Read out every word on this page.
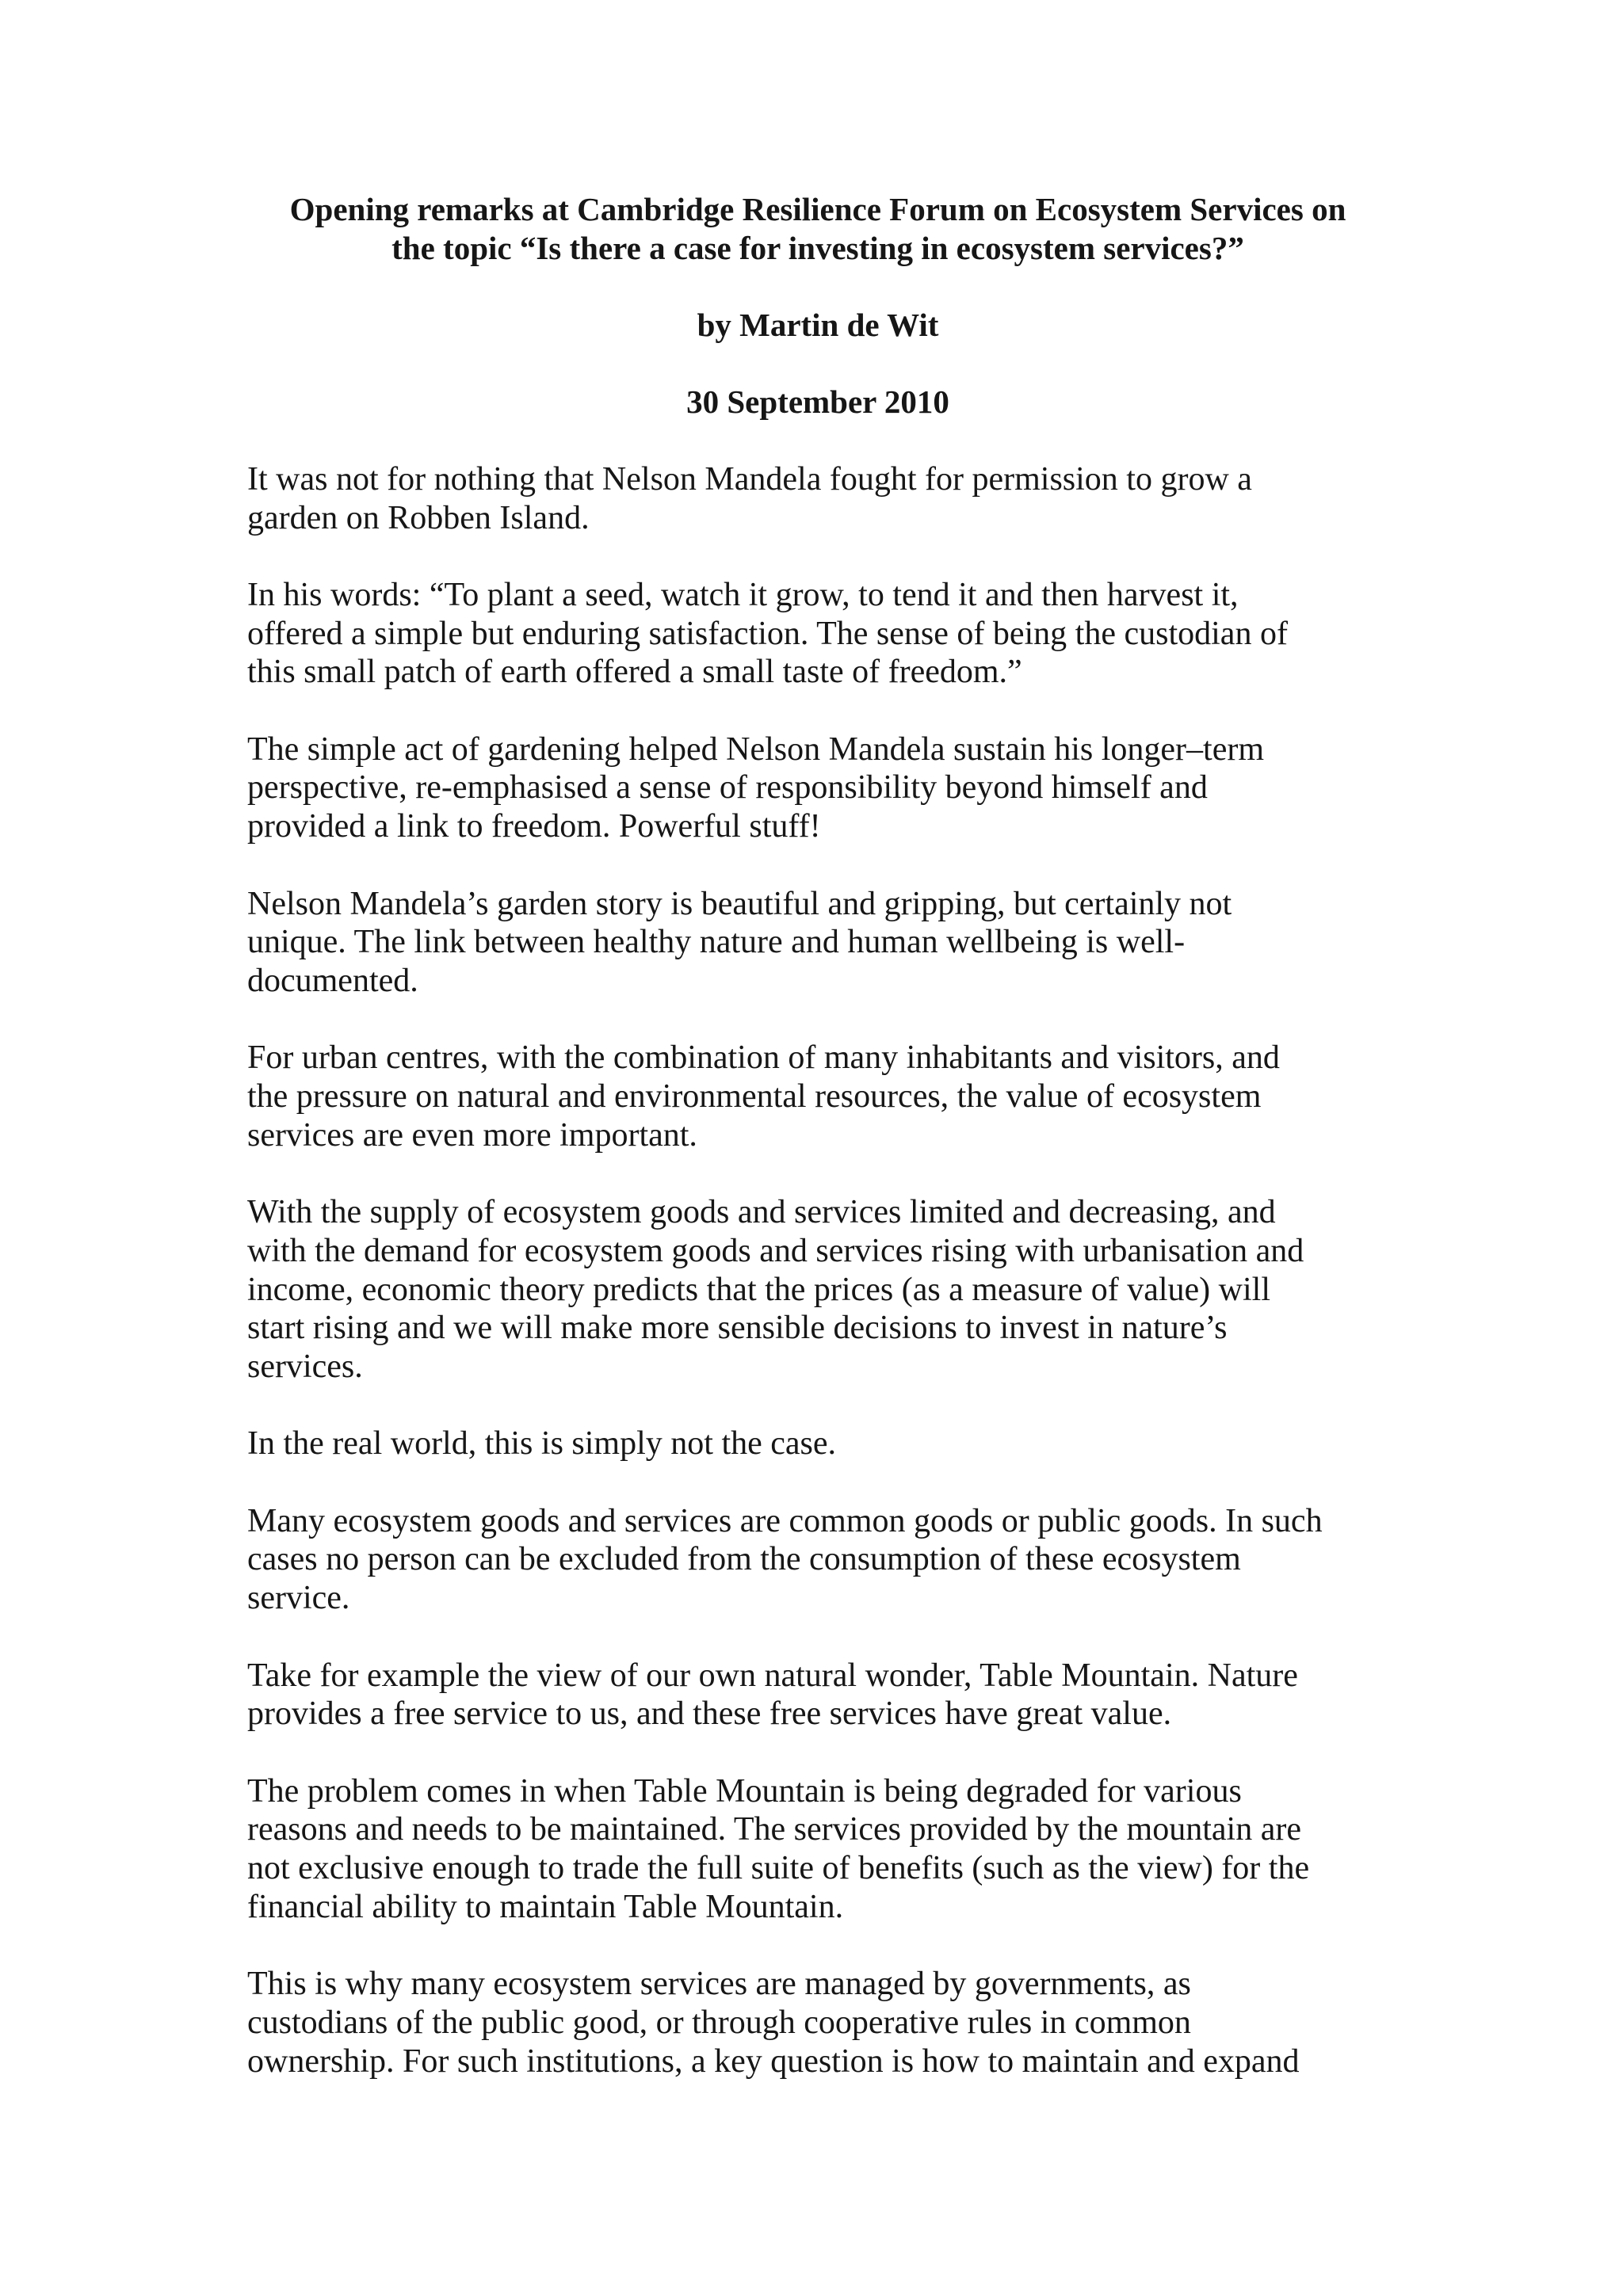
Opening remarks at Cambridge Resilience Forum on Ecosystem Services on
the topic “Is there a case for investing in ecosystem services?”

by Martin de Wit

30 September 2010

It was not for nothing that Nelson Mandela fought for permission to grow a
garden on Robben Island.

In his words: “To plant a seed, watch it grow, to tend it and then harvest it,
offered a simple but enduring satisfaction. The sense of being the custodian of
this small patch of earth offered a small taste of freedom.”

The simple act of gardening helped Nelson Mandela sustain his longer–term
perspective, re-emphasised a sense of responsibility beyond himself and
provided a link to freedom. Powerful stuff!

Nelson Mandela’s garden story is beautiful and gripping, but certainly not
unique. The link between healthy nature and human wellbeing is well-
documented.

For urban centres, with the combination of many inhabitants and visitors, and
the pressure on natural and environmental resources, the value of ecosystem
services are even more important.

With the supply of ecosystem goods and services limited and decreasing, and
with the demand for ecosystem goods and services rising with urbanisation and
income, economic theory predicts that the prices (as a measure of value) will
start rising and we will make more sensible decisions to invest in nature’s
services.

In the real world, this is simply not the case.

Many ecosystem goods and services are common goods or public goods. In such
cases no person can be excluded from the consumption of these ecosystem
service.

Take for example the view of our own natural wonder, Table Mountain. Nature
provides a free service to us, and these free services have great value.

The problem comes in when Table Mountain is being degraded for various
reasons and needs to be maintained. The services provided by the mountain are
not exclusive enough to trade the full suite of benefits (such as the view) for the
financial ability to maintain Table Mountain.

This is why many ecosystem services are managed by governments, as
custodians of the public good, or through cooperative rules in common
ownership. For such institutions, a key question is how to maintain and expand
